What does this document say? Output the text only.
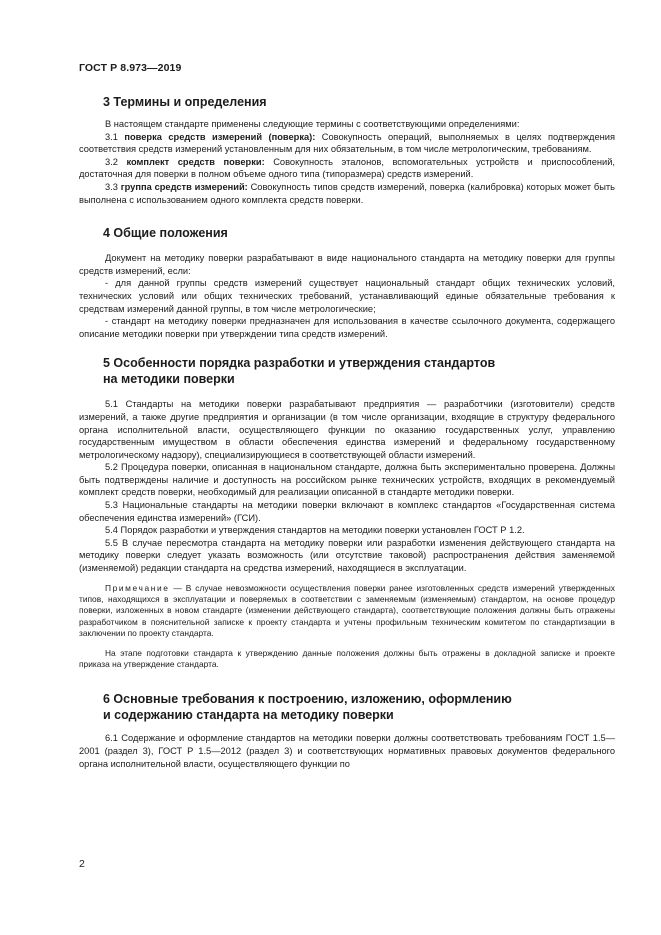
ГОСТ Р 8.973—2019
3 Термины и определения

В настоящем стандарте применены следующие термины с соответствующими определениями:

3.1 поверка средств измерений (поверка): Совокупность операций, выполняемых в целях подтверждения соответствия средств измерений установленным для них обязательным, в том числе метрологическим, требованиям.

3.2 комплект средств поверки: Совокупность эталонов, вспомогательных устройств и приспособлений, достаточная для поверки в полном объеме одного типа (типоразмера) средств измерений.

3.3 группа средств измерений: Совокупность типов средств измерений, поверка (калибровка) которых может быть выполнена с использованием одного комплекта средств поверки.

4 Общие положения

Документ на методику поверки разрабатывают в виде национального стандарта на методику поверки для группы средств измерений, если:

- для данной группы средств измерений существует национальный стандарт общих технических условий, технических условий или общих технических требований, устанавливающий единые обязательные требования к средствам измерений данной группы, в том числе метрологические;

- стандарт на методику поверки предназначен для использования в качестве ссылочного документа, содержащего описание методики поверки при утверждении типа средств измерений.

5 Особенности порядка разработки и утверждения стандартов
на методики поверки

5.1 Стандарты на методики поверки разрабатывают предприятия — разработчики (изготовители) средств измерений, а также другие предприятия и организации (в том числе организации, входящие в структуру федерального органа исполнительной власти, осуществляющего функции по оказанию государственных услуг, управлению государственным имуществом в области обеспечения единства измерений и федеральному государственному метрологическому надзору), специализирующиеся в соответствующей области измерений.

5.2 Процедура поверки, описанная в национальном стандарте, должна быть экспериментально проверена. Должны быть подтверждены наличие и доступность на российском рынке технических устройств, входящих в рекомендуемый комплект средств поверки, необходимый для реализации описанной в стандарте методики поверки.

5.3 Национальные стандарты на методики поверки включают в комплекс стандартов «Государственная система обеспечения единства измерений» (ГСИ).

5.4 Порядок разработки и утверждения стандартов на методики поверки установлен ГОСТ Р 1.2.

5.5 В случае пересмотра стандарта на методику поверки или разработки изменения действующего стандарта на методику поверки следует указать возможность (или отсутствие таковой) распространения действия заменяемой (изменяемой) редакции стандарта на средства измерений, находящиеся в эксплуатации.

Примечание — В случае невозможности осуществления поверки ранее изготовленных средств измерений утвержденных типов, находящихся в эксплуатации и поверяемых в соответствии с заменяемым (изменяемым) стандартом, на основе процедур поверки, изложенных в новом стандарте (изменении действующего стандарта), соответствующие положения должны быть отражены разработчиком в пояснительной записке к проекту стандарта и учтены профильным техническим комитетом по стандартизации в заключении по проекту стандарта.

На этапе подготовки стандарта к утверждению данные положения должны быть отражены в докладной записке и проекте приказа на утверждение стандарта.

6 Основные требования к построению, изложению, оформлению
и содержанию стандарта на методику поверки

6.1 Содержание и оформление стандартов на методики поверки должны соответствовать требованиям ГОСТ 1.5—2001 (раздел 3), ГОСТ Р 1.5—2012 (раздел 3) и соответствующих нормативных правовых документов федерального органа исполнительной власти, осуществляющего функции по

2
